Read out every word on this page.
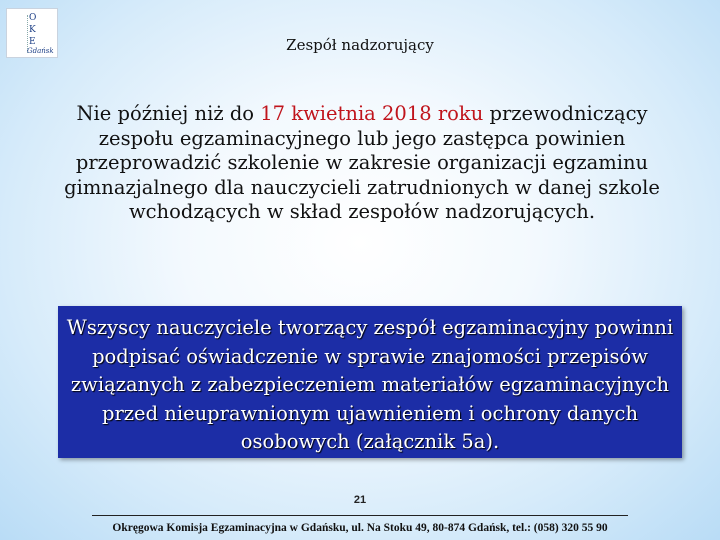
O
K
E
Gdańsk	Zespół nadzorujący
Nie później niż do 17 kwietnia 2018 roku przewodniczący zespołu egzaminacyjnego lub jego zastępca powinien przeprowadzić szkolenie w zakresie organizacji egzaminu gimnazjalnego dla nauczycieli zatrudnionych w danej szkole wchodzących w skład zespołów nadzorujących.
Wszyscy nauczyciele tworzący zespół egzaminacyjny powinni podpisać oświadczenie w sprawie znajomości przepisów związanych z zabezpieczeniem materiałów egzaminacyjnych przed nieuprawnionym ujawnieniem i ochrony danych osobowych (załącznik 5a).
21
Okręgowa Komisja Egzaminacyjna w Gdańsku, ul. Na Stoku 49, 80-874 Gdańsk, tel.: (058) 320 55 90
